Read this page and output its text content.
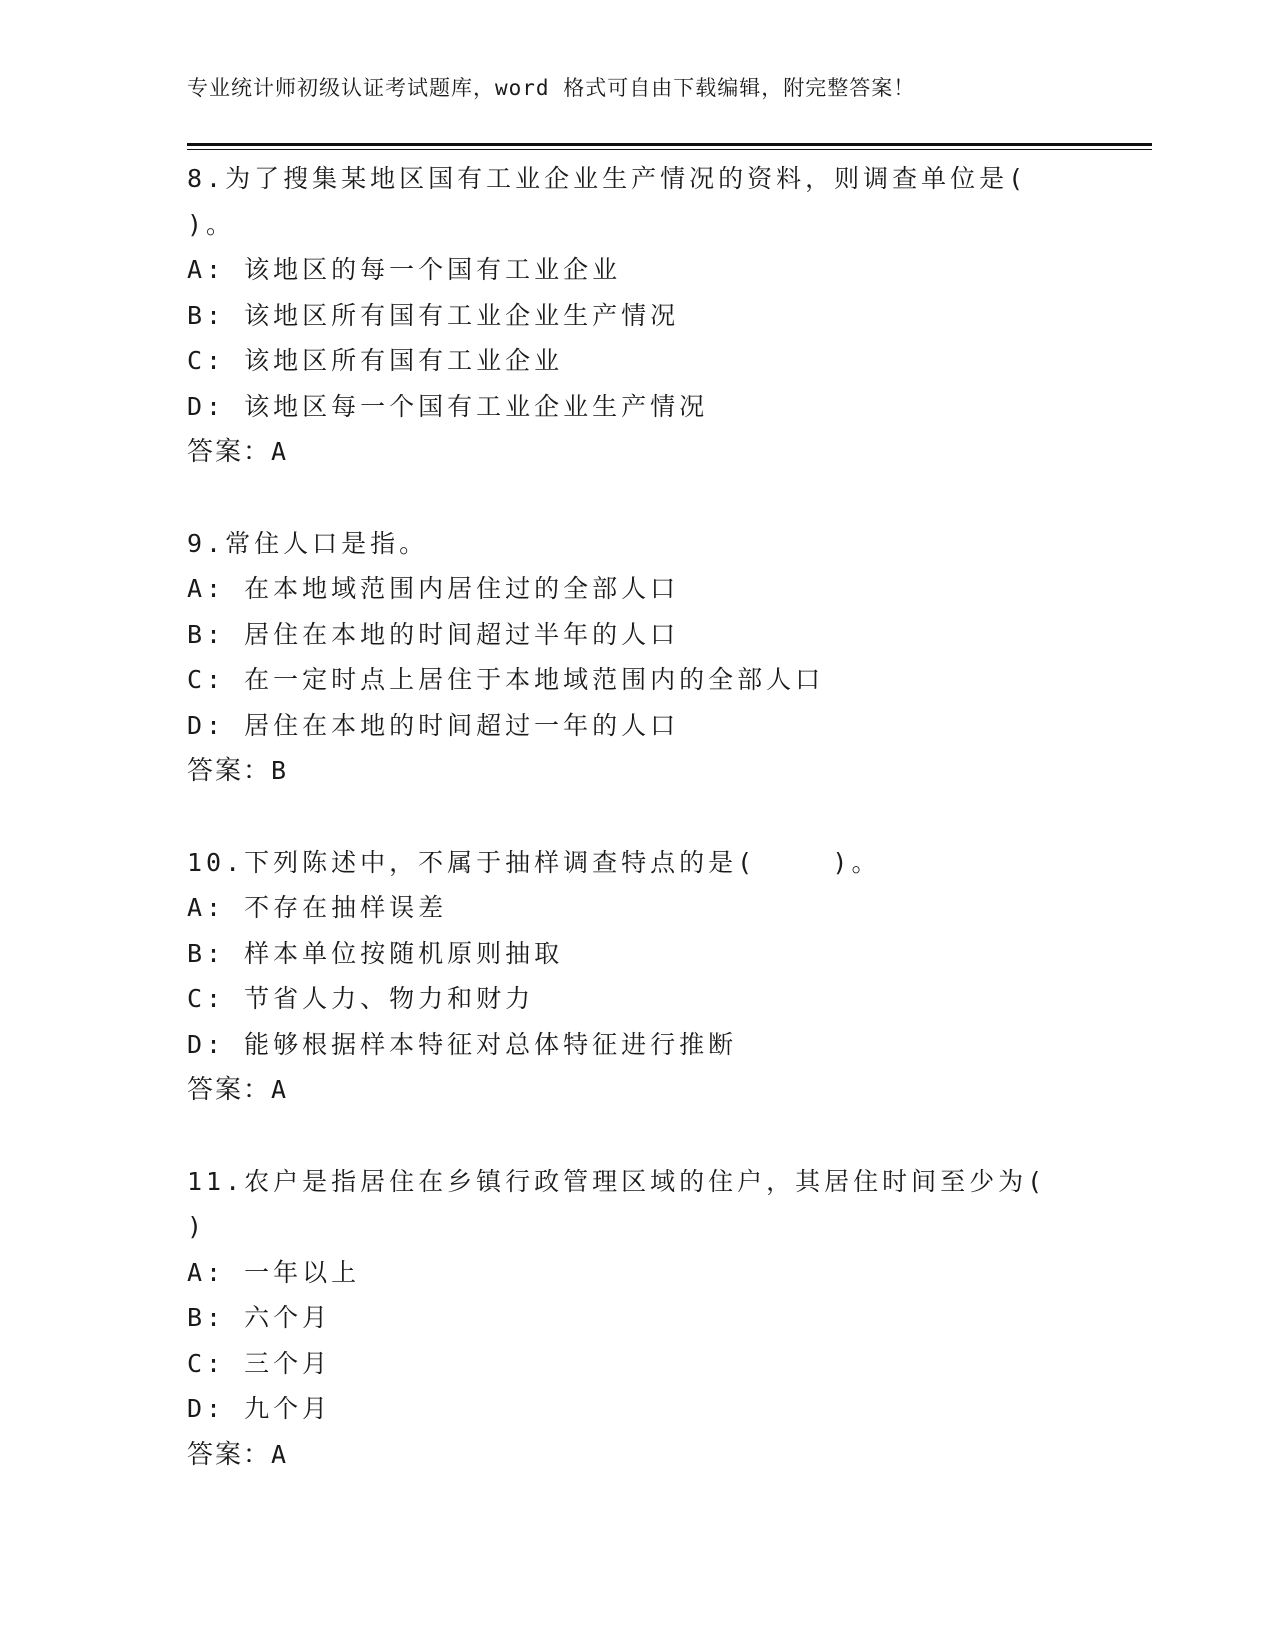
专业统计师初级认证考试题库，word 格式可自由下载编辑，附完整答案！
8.为了搜集某地区国有工业企业生产情况的资料，则调查单位是(
)。
A: 该地区的每一个国有工业企业
B: 该地区所有国有工业企业生产情况
C: 该地区所有国有工业企业
D: 该地区每一个国有工业企业生产情况
答案：A
9.常住人口是指。
A: 在本地域范围内居住过的全部人口
B: 居住在本地的时间超过半年的人口
C: 在一定时点上居住于本地域范围内的全部人口
D: 居住在本地的时间超过一年的人口
答案：B
10.下列陈述中，不属于抽样调查特点的是(    )。
A: 不存在抽样误差
B: 样本单位按随机原则抽取
C: 节省人力、物力和财力
D: 能够根据样本特征对总体特征进行推断
答案：A
11.农户是指居住在乡镇行政管理区域的住户，其居住时间至少为(
)
A: 一年以上
B: 六个月
C: 三个月
D: 九个月
答案：A
